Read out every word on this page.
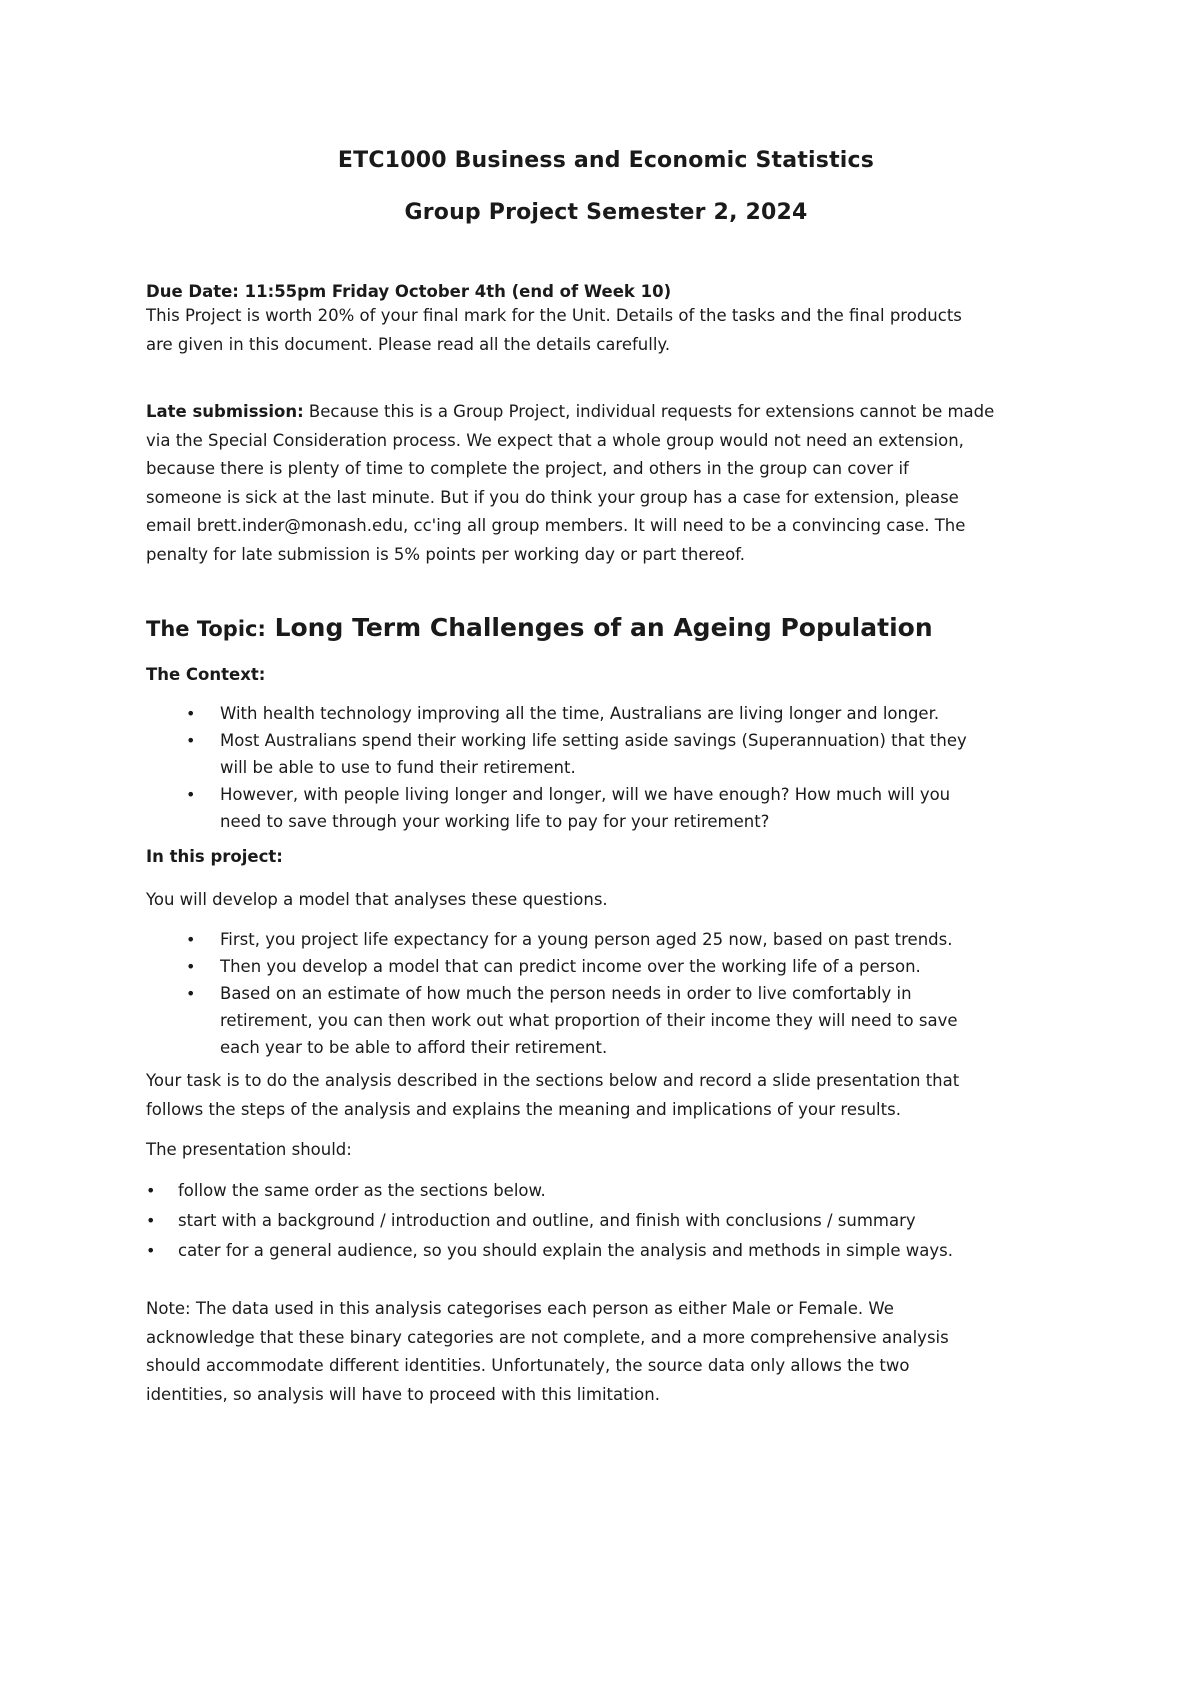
ETC1000 Business and Economic Statistics
Group Project Semester 2, 2024
Due Date: 11:55pm Friday October 4th (end of Week 10)
This Project is worth 20% of your final mark for the Unit. Details of the tasks and the final products
are given in this document. Please read all the details carefully.
Late submission: Because this is a Group Project, individual requests for extensions cannot be made
via the Special Consideration process. We expect that a whole group would not need an extension,
because there is plenty of time to complete the project, and others in the group can cover if
someone is sick at the last minute. But if you do think your group has a case for extension, please
email brett.inder@monash.edu, cc'ing all group members. It will need to be a convincing case. The
penalty for late submission is 5% points per working day or part thereof.
The Topic: Long Term Challenges of an Ageing Population
The Context:
• With health technology improving all the time, Australians are living longer and longer.
• Most Australians spend their working life setting aside savings (Superannuation) that they
will be able to use to fund their retirement.
• However, with people living longer and longer, will we have enough? How much will you
need to save through your working life to pay for your retirement?
In this project:
You will develop a model that analyses these questions.
• First, you project life expectancy for a young person aged 25 now, based on past trends.
• Then you develop a model that can predict income over the working life of a person.
• Based on an estimate of how much the person needs in order to live comfortably in
retirement, you can then work out what proportion of their income they will need to save
each year to be able to afford their retirement.
Your task is to do the analysis described in the sections below and record a slide presentation that
follows the steps of the analysis and explains the meaning and implications of your results.
The presentation should:
• follow the same order as the sections below.
• start with a background / introduction and outline, and finish with conclusions / summary
• cater for a general audience, so you should explain the analysis and methods in simple ways.
Note: The data used in this analysis categorises each person as either Male or Female. We
acknowledge that these binary categories are not complete, and a more comprehensive analysis
should accommodate different identities. Unfortunately, the source data only allows the two
identities, so analysis will have to proceed with this limitation.
